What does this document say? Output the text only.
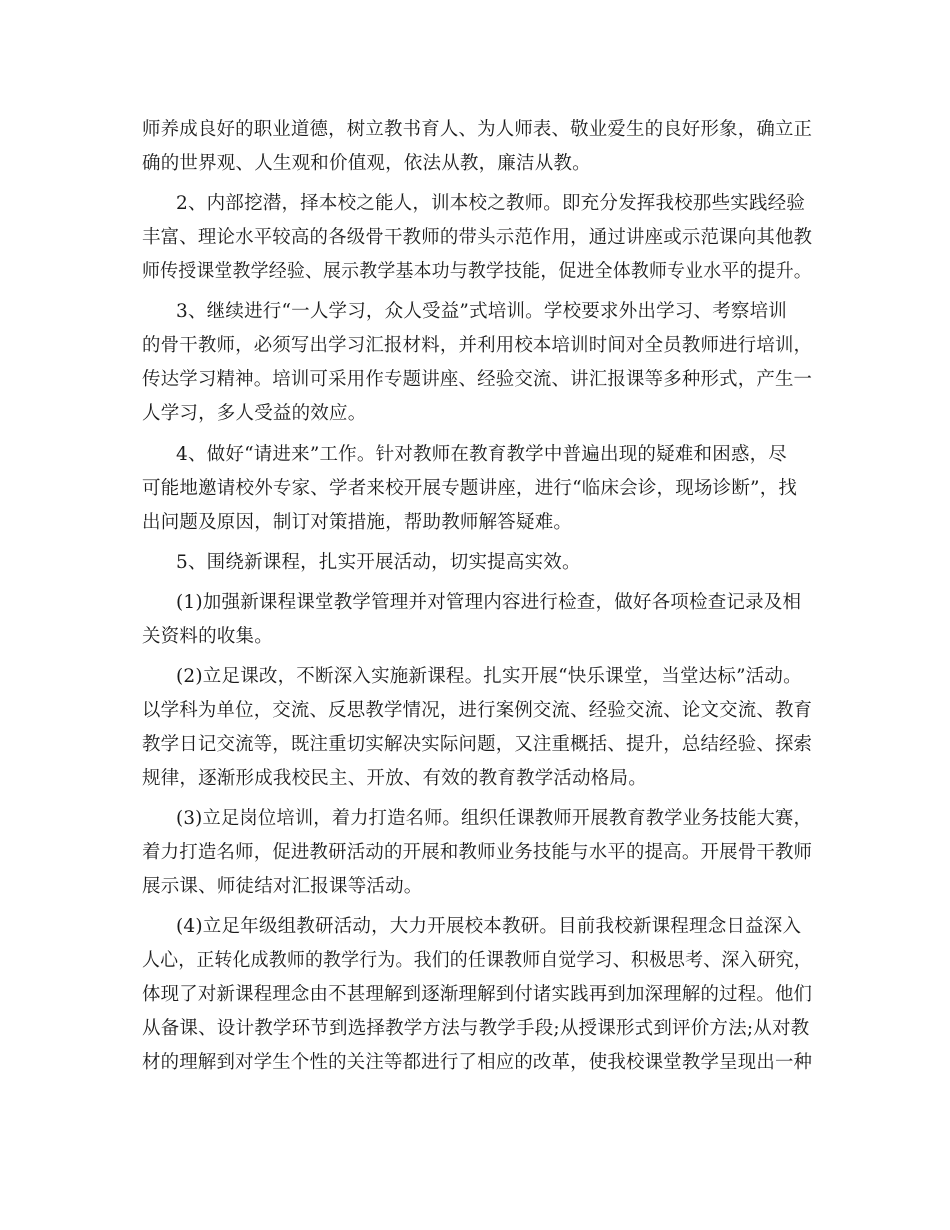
师养成良好的职业道德，树立教书育人、为人师表、敬业爱生的良好形象，确立正
确的世界观、人生观和价值观，依法从教，廉洁从教。
2、内部挖潜，择本校之能人，训本校之教师。即充分发挥我校那些实践经验
丰富、理论水平较高的各级骨干教师的带头示范作用，通过讲座或示范课向其他教
师传授课堂教学经验、展示教学基本功与教学技能，促进全体教师专业水平的提升。
3、继续进行“一人学习，众人受益”式培训。学校要求外出学习、考察培训
的骨干教师，必须写出学习汇报材料，并利用校本培训时间对全员教师进行培训，
传达学习精神。培训可采用作专题讲座、经验交流、讲汇报课等多种形式，产生一
人学习，多人受益的效应。
4、做好“请进来”工作。针对教师在教育教学中普遍出现的疑难和困惑，尽
可能地邀请校外专家、学者来校开展专题讲座，进行“临床会诊，现场诊断”，找
出问题及原因，制订对策措施，帮助教师解答疑难。
5、围绕新课程，扎实开展活动，切实提高实效。
(1)加强新课程课堂教学管理并对管理内容进行检查，做好各项检查记录及相
关资料的收集。
(2)立足课改，不断深入实施新课程。扎实开展“快乐课堂，当堂达标”活动。
以学科为单位，交流、反思教学情况，进行案例交流、经验交流、论文交流、教育
教学日记交流等，既注重切实解决实际问题，又注重概括、提升，总结经验、探索
规律，逐渐形成我校民主、开放、有效的教育教学活动格局。
(3)立足岗位培训，着力打造名师。组织任课教师开展教育教学业务技能大赛，
着力打造名师，促进教研活动的开展和教师业务技能与水平的提高。开展骨干教师
展示课、师徒结对汇报课等活动。
(4)立足年级组教研活动，大力开展校本教研。目前我校新课程理念日益深入
人心，正转化成教师的教学行为。我们的任课教师自觉学习、积极思考、深入研究，
体现了对新课程理念由不甚理解到逐渐理解到付诸实践再到加深理解的过程。他们
从备课、设计教学环节到选择教学方法与教学手段;从授课形式到评价方法;从对教
材的理解到对学生个性的关注等都进行了相应的改革，使我校课堂教学呈现出一种
